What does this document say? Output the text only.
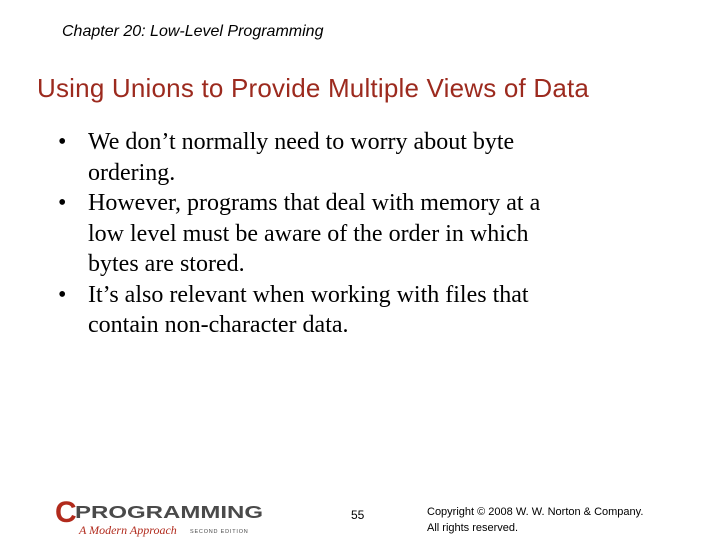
Chapter 20: Low-Level Programming
Using Unions to Provide Multiple Views of Data
• We don’t normally need to worry about byte
ordering.
• However, programs that deal with memory at a
low level must be aware of the order in which
bytes are stored.
• It’s also relevant when working with files that
contain non-character data.
C
PROGRAMMING
A Modern Approach SECOND EDITION
55	Copyright © 2008 W. W. Norton & Company.
All rights reserved.
